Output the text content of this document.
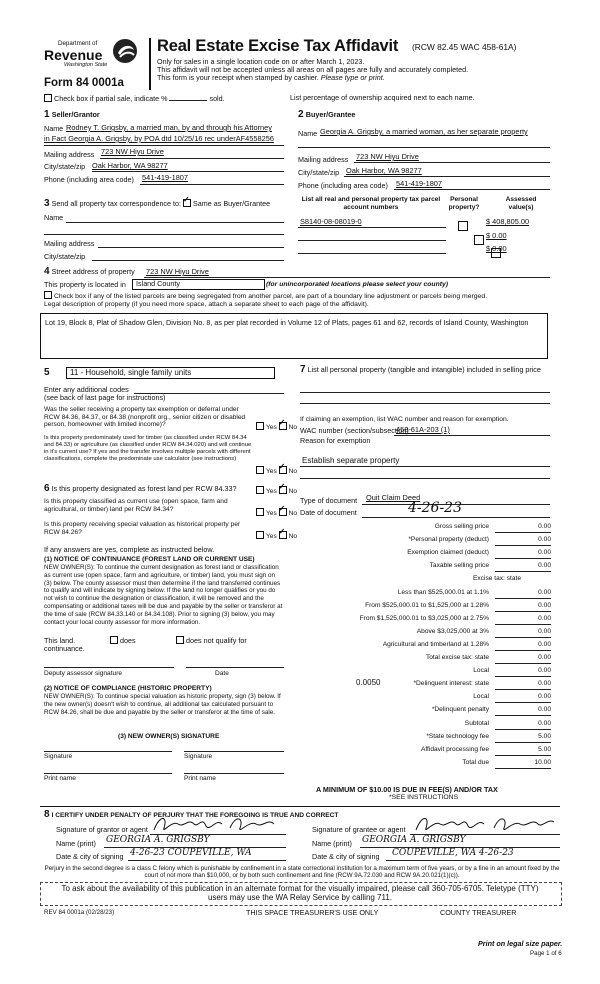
Department of
Revenue
Washington State
Form 84 0001a
Real Estate Excise Tax Affidavit (RCW 82.45 WAC 458-61A)
Only for sales in a single location code on or after March 1, 2023.
This affidavit will not be accepted unless all areas on all pages are fully and accurately completed.
This form is your receipt when stamped by cashier. Please type or print.
Check box if partial sale, indicate %	sold.	List percentage of ownership acquired next to each name.
1 Seller/Grantor
Name Rodney T. Grigsby, a married man, by and through his Attorney
in Fact Georgia A. Grigsby, by POA dtd 10/25/16 rec underAF4558256
Mailing address 723 NW Hiyu Drive
City/state/zip Oak Harbor, WA 98277
Phone (including area code) 541-419-1807
2 Buyer/Grantee
Name Georgia A. Grigsby, a married woman, as her separate property
Mailing address 723 NW Hiyu Drive
City/state/zip Oak Harbor, WA 98277
Phone (including area code) 541-419-1807
3 Send all property tax correspondence to: ✓ Same as Buyer/Grantee
Name
Mailing address
City/state/zip
List all real and personal property tax parcel account numbers
Personal property?
Assessed value(s)
S8140-08-08019-0
	$ 408,805.00
$ 0.00
$ 0.00
4 Street address of property 723 NW Hiyu Drive
This property is located in	Island County	(for unincorporated locations please select your county)
Check box if any of the listed parcels are being segregated from another parcel, are part of a boundary line adjustment or parcels being merged.
Legal description of property (if you need more space, attach a separate sheet to each page of the affidavit).
Lot 19, Block 8, Plat of Shadow Glen, Division No. 8, as per plat recorded in Volume 12 of Plats, pages 61 and 62, records of Island County, Washington
5	11 - Household, single family units
Enter any additional codes
(see back of last page for instructions)
Was the seller receiving a property tax exemption or deferral under RCW 84.36, 84.37, or 84.38 (nonprofit org., senior citizen or disabled person, homeowner with limited income)?	Yes ✓ No
Is this property predominately used for timber (as classified under RCW 84.34 and 84.33) or agriculture (as classified under RCW 84.34.020) and will continue in it's current use? If yes and the transfer involves multiple parcels with different classifications, complete the predominate use calculator (see instructions)
Yes ✓ No
6 Is this property designated as forest land per RCW 84.33?	Yes ✓ No
Is this property classified as current use (open space, farm and agricultural, or timber) land per RCW 84.34?
Yes ✓ No
Is this property receiving special valuation as historical property per RCW 84.26?
Yes ✓ No
If any answers are yes, complete as instructed below.
(1) NOTICE OF CONTINUANCE (FOREST LAND OR CURRENT USE)
NEW OWNER(S): To continue the current designation as forest land or classification as current use (open space, farm and agriculture, or timber) land, you must sign on (3) below. The county assessor must then determine if the land transferred continues to qualify and will indicate by signing below. If the land no longer qualifies or you do not wish to continue the designation or classification, it will be removed and the compensating or additional taxes will be due and payable by the seller or transferor at the time of sale (RCW 84.33.140 or 84.34.108). Prior to signing (3) below, you may contact your local county assessor for more information.
This land.
continuance.
does	does not qualify for
Deputy assessor signature	Date
(2) NOTICE OF COMPLIANCE (HISTORIC PROPERTY)
NEW OWNER(S): To continue special valuation as historic property, sign (3) below. If the new owner(s) doesn't wish to continue, all additional tax calculated pursuant to RCW 84.26, shall be due and payable by the seller or transferor at the time of sale.
(3) NEW OWNER(S) SIGNATURE
Signature	Signature
Print name	Print name
7 List all personal property (tangible and intangible) included in selling price
If claiming an exemption, list WAC number and reason for exemption.
WAC number (section/subsection)
458-61A-203 (1)
Reason for exemption
Establish separate property
Type of document Quit Claim Deed
Date of document	4-26-23
Gross selling price	0.00
*Personal property (deduct)	0.00
Exemption claimed (deduct)	0.00
Taxable selling price	0.00
Excise tax: state
Less than $525,000.01 at 1.1%	0.00
From $525,000.01 to $1,525,000 at 1.28%	0.00
From $1,525,000.01 to $3,025,000 at 2.75%	0.00
Above $3,025,000 at 3%	0.00
Agricultural and timberland at 1.28%	0.00
Total excise tax: state	0.00
Local	0.00
*Delinquent interest: state	0.00
Local	0.00
*Delinquent penalty	0.00
Subtotal	0.00
*State technology fee	5.00
Affidavit processing fee	5.00
Total due	10.00
0.0050
A MINIMUM OF $10.00 IS DUE IN FEE(S) AND/OR TAX
*SEE INSTRUCTIONS
8 I CERTIFY UNDER PENALTY OF PERJURY THAT THE FOREGOING IS TRUE AND CORRECT
Signature of grantor or agent
Name (print) GEORGIA A. GRIGSBY
Date & city of signing 4-26-23 COUPEVILLE, WA
Signature of grantee or agent
Name (print) GEORGIA A. GRIGSBY
Date & city of signing COUPEVILLE, WA 4-26-23
Perjury in the second degree is a class C felony which is punishable by confinement in a state correctional institution for a maximum term of five years, or by a fine in an amount fixed by the court of not more than $10,000, or by both such confinement and fine (RCW 9A.72.030 and RCW 9A.20.021(1)(c)).
To ask about the availability of this publication in an alternate format for the visually impaired, please call 360-705-6705. Teletype (TTY) users may use the WA Relay Service by calling 711.
REV 84 0001a (02/28/23)	THIS SPACE TREASURER'S USE ONLY	COUNTY TREASURER
Print on legal size paper.
Page 1 of 6
